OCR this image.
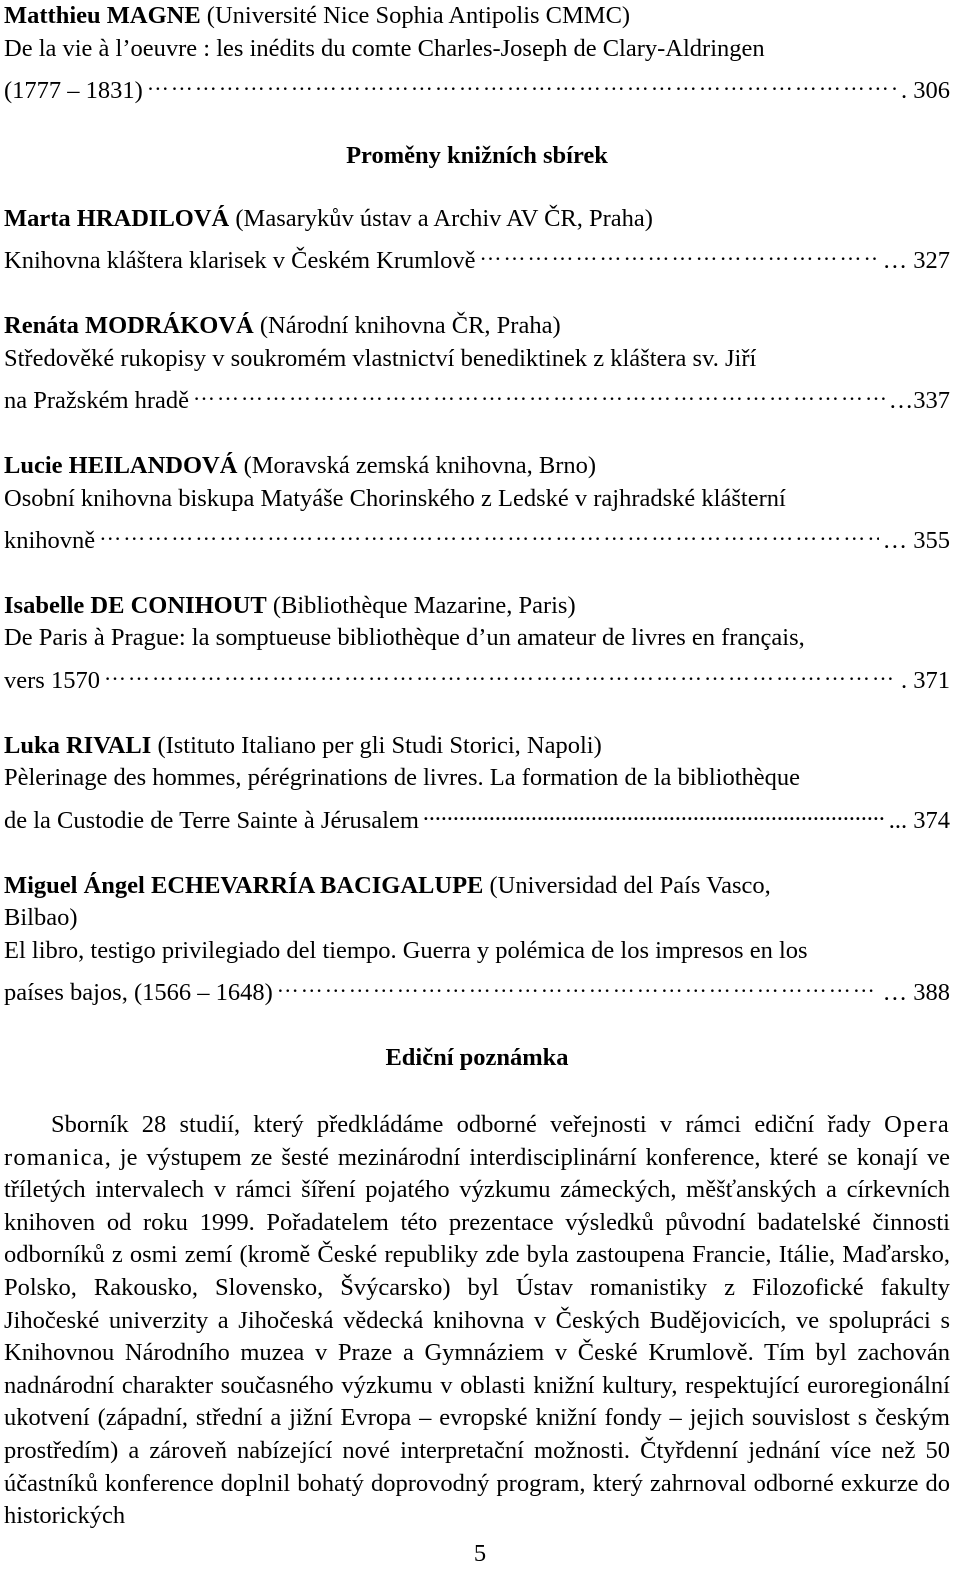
Matthieu MAGNE (Université Nice Sophia Antipolis CMMC)

De la vie à l’oeuvre : les inédits du comte Charles-Joseph de Clary-Aldringen

(1777 – 1831) ………………………………………………………………………………………………………………	. 306
Proměny knižních sbírek

Marta HRADILOVÁ (Masarykův ústav a Archiv AV ČR, Praha)

Knihovna kláštera klarisek v Českém Krumlově ………………………………………………………………………………………………………………	… 327

Renáta MODRÁKOVÁ (Národní knihovna ČR, Praha)

Středověké rukopisy v soukromém vlastnictví benediktinek z kláštera sv. Jiří

na Pražském hradě ………………………………………………………………………………………………………………	…337

Lucie HEILANDOVÁ (Moravská zemská knihovna, Brno)

Osobní knihovna biskupa Matyáše Chorinského z Ledské v rajhradské klášterní

knihovně ………………………………………………………………………………………………………………	… 355

Isabelle DE CONIHOUT (Bibliothèque Mazarine, Paris)

De Paris à Prague: la somptueuse bibliothèque d’un amateur de livres en français,

vers 1570 ………………………………………………………………………………………………………………	. 371

Luka RIVALI (Istituto Italiano per gli Studi Storici, Napoli)

Pèlerinage des hommes, pérégrinations de livres. La formation de la bibliothèque

de la Custodie de Terre Sainte à Jérusalem .....	... 374

Miguel Ángel ECHEVARRÍA BACIGALUPE (Universidad del País Vasco,

Bilbao)

El libro, testigo privilegiado del tiempo. Guerra y polémica de los impresos en los

países bajos, (1566 – 1648) ………………………………………………………………………………………………………………	… 388
Ediční poznámka

Sborník 28 studií, který předkládáme odborné veřejnosti v rámci ediční řady Opera romanica, je výstupem ze šesté mezinárodní interdisciplinární konference, které se konají ve tříletých intervalech v rámci šíření pojatého výzkumu zámeckých, měšťanských a církevních knihoven od roku 1999. Pořadatelem této prezentace výsledků původní badatelské činnosti odborníků z osmi zemí (kromě České republiky zde byla zastoupena Francie, Itálie, Maďarsko, Polsko, Rakousko, Slovensko, Švýcarsko) byl Ústav romanistiky z Filozofické fakulty Jihočeské univerzity a Jihočeská vědecká knihovna v Českých Budějovicích, ve spolupráci s Knihovnou Národního muzea v Praze a Gymnáziem v České Krumlově. Tím byl zachován nadnárodní charakter současného výzkumu v oblasti knižní kultury, respektující euroregionální ukotvení (západní, střední a jižní Evropa – evropské knižní fondy – jejich souvislost s českým prostředím) a zároveň nabízející nové interpretační možnosti. Čtyřdenní jednání více než 50 účastníků konference doplnil bohatý doprovodný program, který zahrnoval odborné exkurze do historických

5
